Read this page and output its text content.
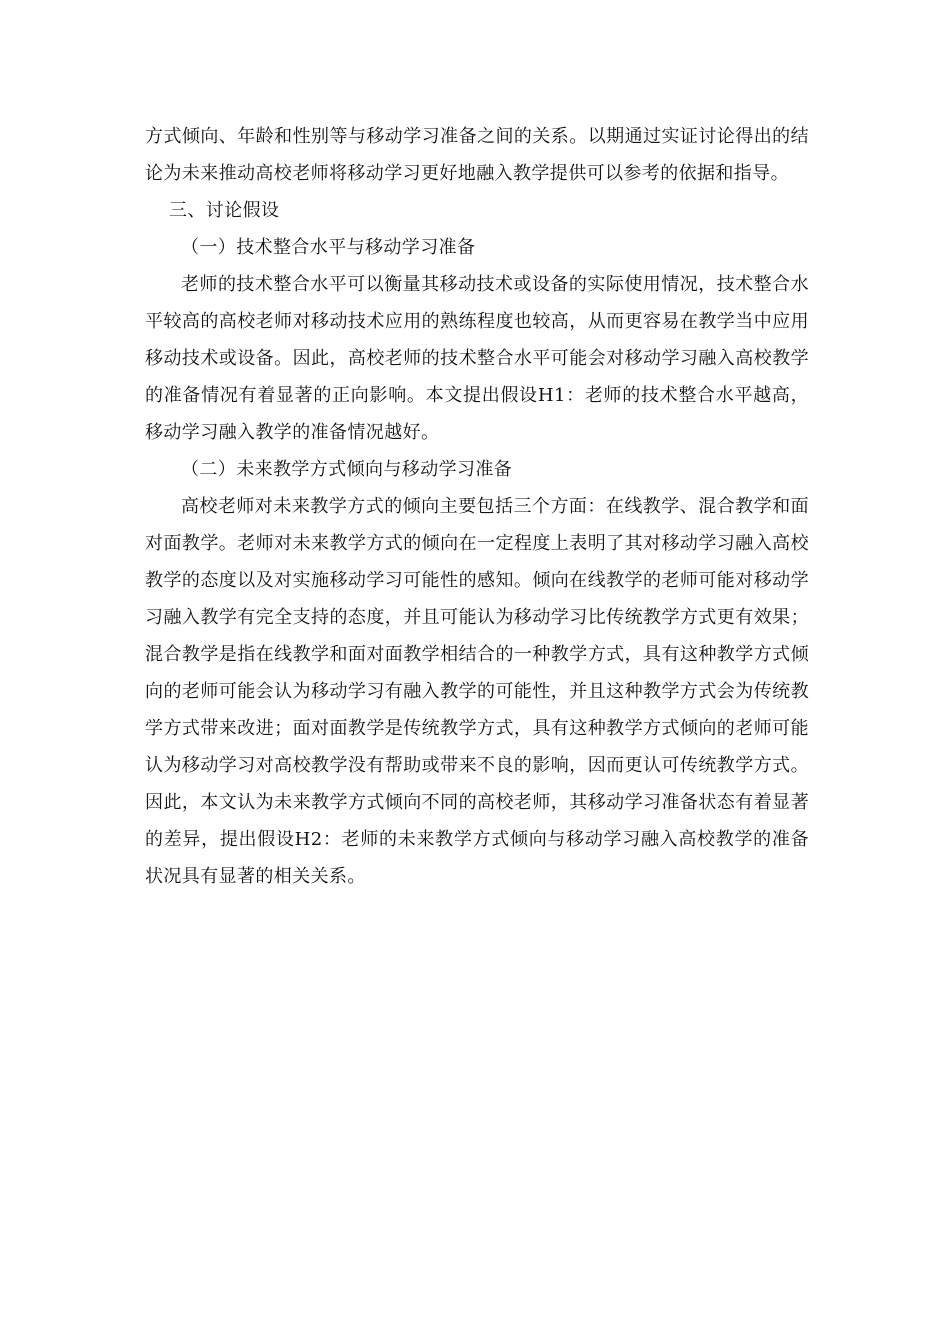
方式倾向、年龄和性别等与移动学习准备之间的关系。以期通过实证讨论得出的结论为未来推动高校老师将移动学习更好地融入教学提供可以参考的依据和指导。

三、讨论假设

（一）技术整合水平与移动学习准备

老师的技术整合水平可以衡量其移动技术或设备的实际使用情况，技术整合水平较高的高校老师对移动技术应用的熟练程度也较高，从而更容易在教学当中应用移动技术或设备。因此，高校老师的技术整合水平可能会对移动学习融入高校教学的准备情况有着显著的正向影响。本文提出假设H1：老师的技术整合水平越高，移动学习融入教学的准备情况越好。

（二）未来教学方式倾向与移动学习准备

高校老师对未来教学方式的倾向主要包括三个方面：在线教学、混合教学和面对面教学。老师对未来教学方式的倾向在一定程度上表明了其对移动学习融入高校教学的态度以及对实施移动学习可能性的感知。倾向在线教学的老师可能对移动学习融入教学有完全支持的态度，并且可能认为移动学习比传统教学方式更有效果；混合教学是指在线教学和面对面教学相结合的一种教学方式，具有这种教学方式倾向的老师可能会认为移动学习有融入教学的可能性，并且这种教学方式会为传统教学方式带来改进；面对面教学是传统教学方式，具有这种教学方式倾向的老师可能认为移动学习对高校教学没有帮助或带来不良的影响，因而更认可传统教学方式。因此，本文认为未来教学方式倾向不同的高校老师，其移动学习准备状态有着显著的差异，提出假设H2：老师的未来教学方式倾向与移动学习融入高校教学的准备状况具有显著的相关关系。
